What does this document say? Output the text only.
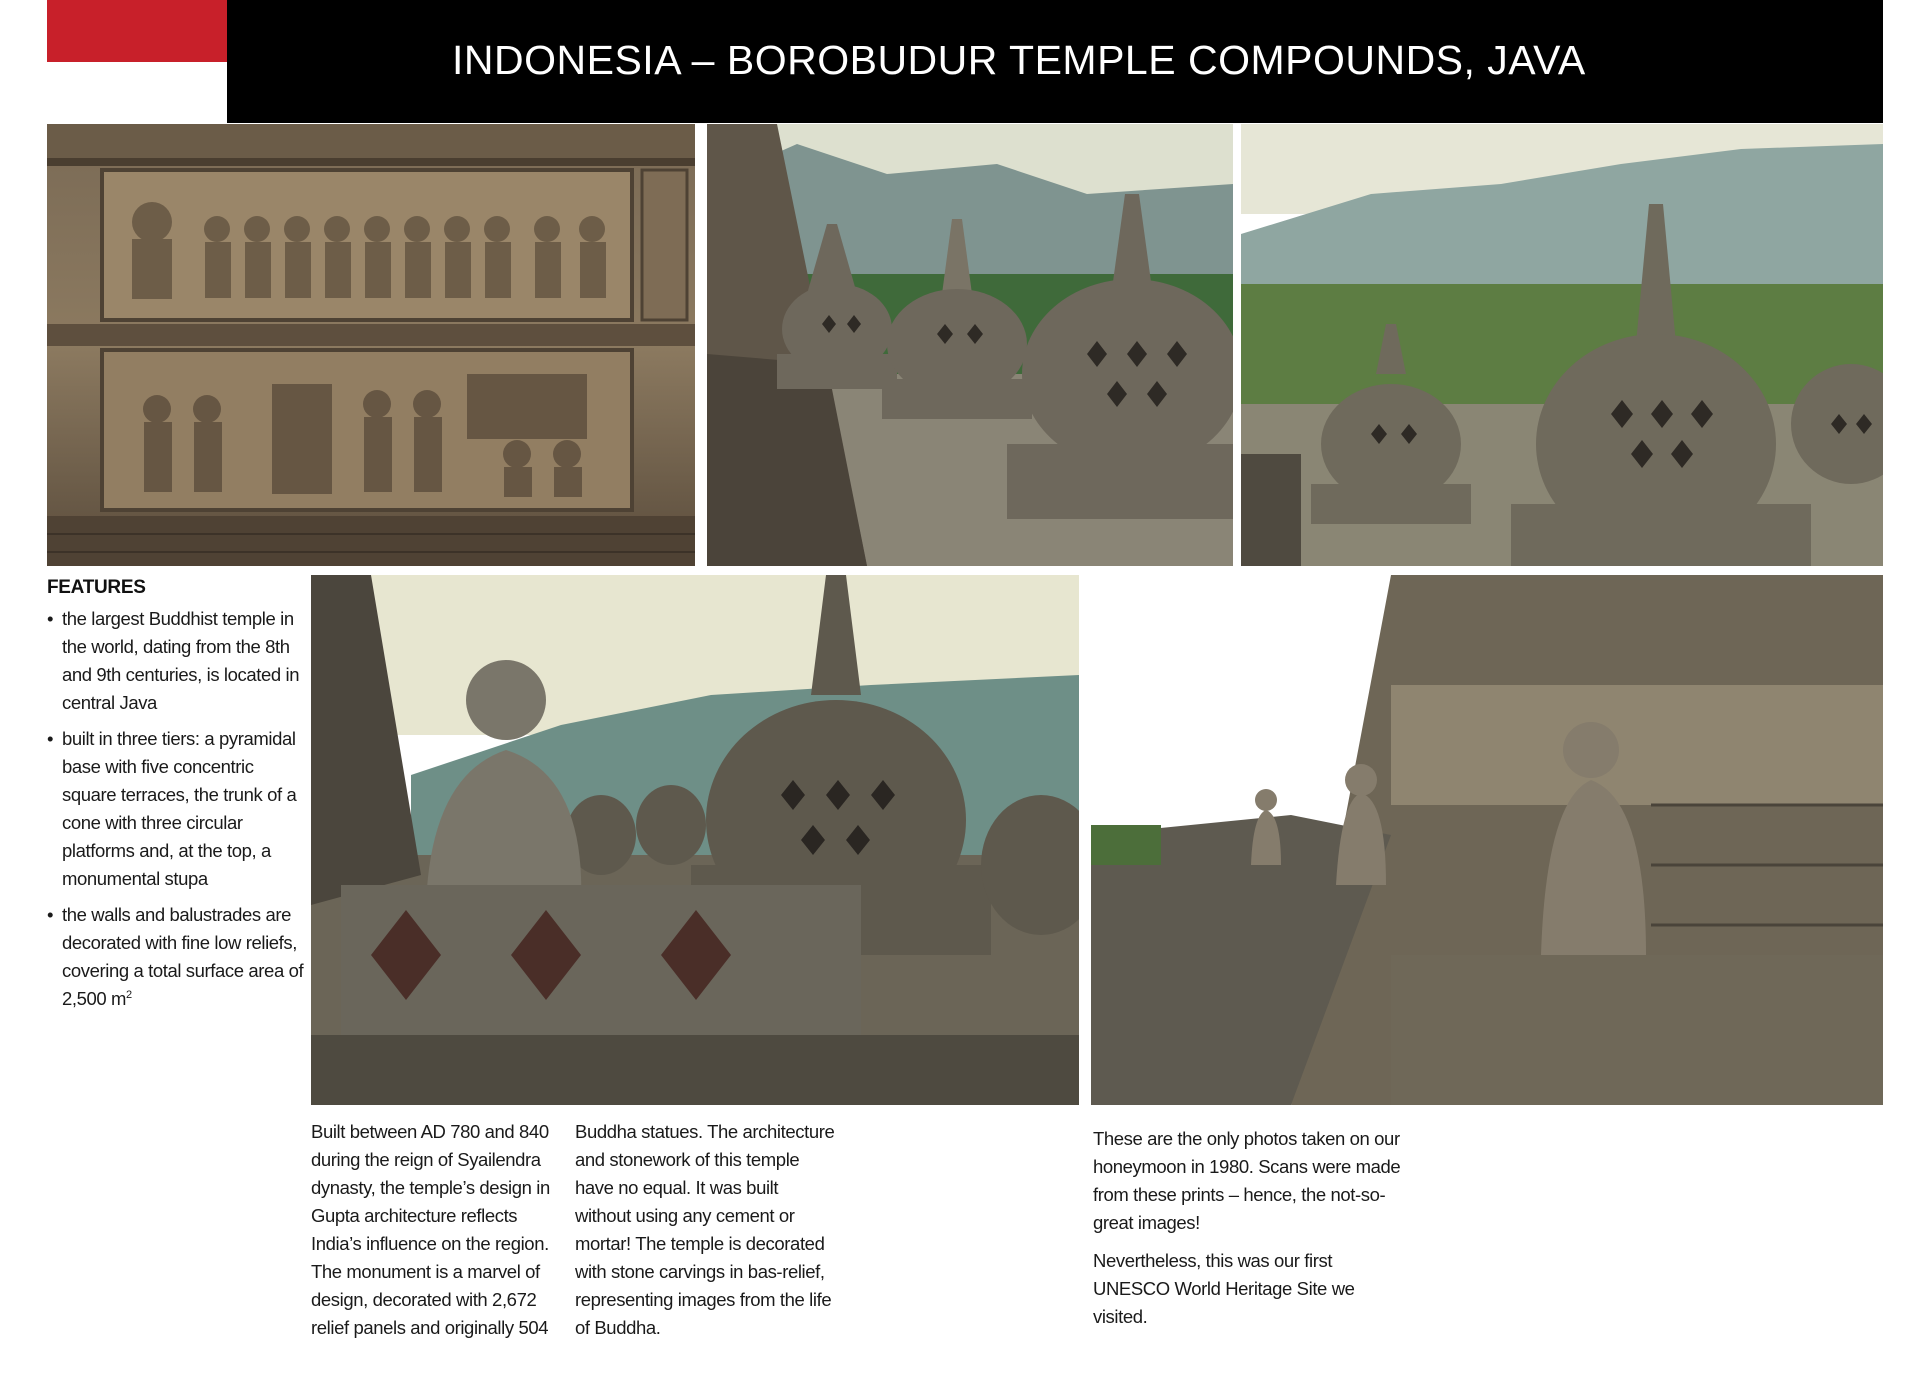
INDONESIA – BOROBUDUR TEMPLE COMPOUNDS, JAVA
FEATURES
• the largest Buddhist temple in the world, dating from the 8th and 9th centuries, is located in central Java
• built in three tiers: a pyramidal base with five concentric square terraces, the trunk of a cone with three circular platforms and, at the top, a monumental stupa
• the walls and balustrades are decorated with fine low reliefs, covering a total surface area of 2,500 $m^2$

Built between AD 780 and 840 during the reign of Syailendra dynasty, the temple’s design in Gupta architecture reflects India’s influence on the region. The monument is a marvel of design, decorated with 2,672 relief panels and originally 504

Buddha statues. The architecture and stonework of this temple have no equal. It was built without using any cement or mortar! The temple is decorated with stone carvings in bas-relief, representing images from the life of Buddha.

These are the only photos taken on our honeymoon in 1980. Scans were made from these prints – hence, the not-so-great images!

Nevertheless, this was our first UNESCO World Heritage Site we visited.
